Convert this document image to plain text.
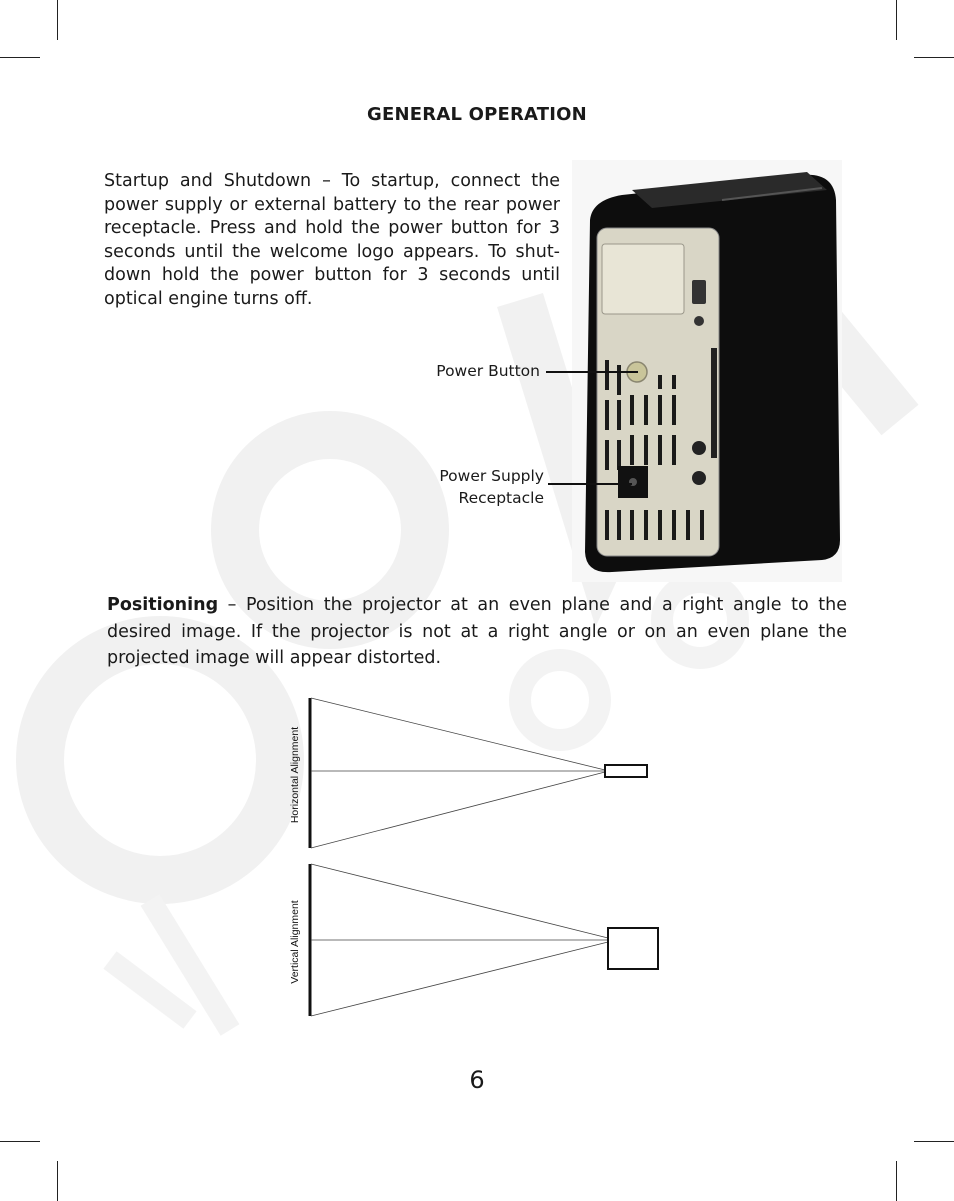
GENERAL OPERATION
Startup and Shutdown – To startup, connect the power supply or external battery to the rear power receptacle. Press and hold the power button for 3 seconds until the welcome logo appears. To shut-down hold the power button for 3 seconds until optical engine turns off.
Power Button
Power Supply
Receptacle
Positioning – Position the projector at an even plane and a right angle to the desired image. If the projector is not at a right angle or on an even plane the projected image will appear distorted.
Horizontal Alignment
Vertical Alignment
6
